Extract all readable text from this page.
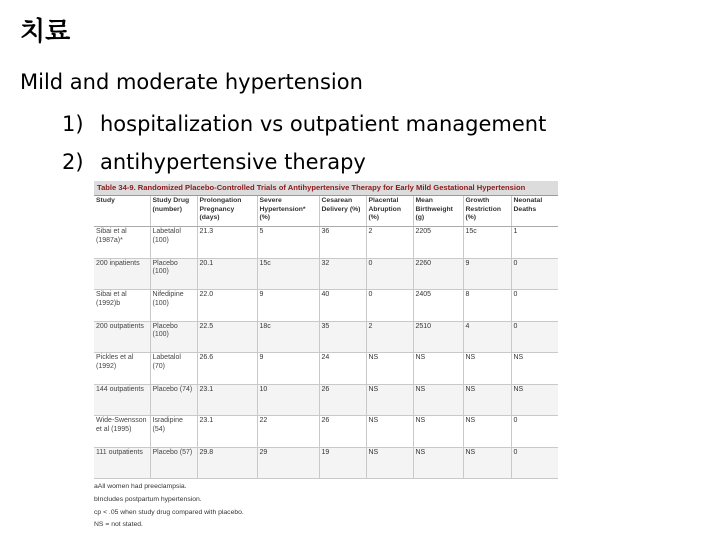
치료
Mild and moderate hypertension
1) hospitalization vs outpatient management
2) antihypertensive therapy
Table 34-9. Randomized Placebo-Controlled Trials of Antihypertensive Therapy for Early Mild Gestational Hypertension
Study	Study Drug (number)	Prolongation Pregnancy (days)	Severe Hypertension* (%)	Cesarean Delivery (%)	Placental Abruption (%)	Mean Birthweight (g)	Growth Restriction (%)	Neonatal Deaths
Sibai et al (1987a)*	Labetalol (100)	21.3	5	36	2	2205	15c	1
200 inpatients	Placebo (100)	20.1	15c	32	0	2260	9	0
Sibai et al (1992)b	Nifedipine (100)	22.0	9	40	0	2405	8	0
200 outpatients	Placebo (100)	22.5	18c	35	2	2510	4	0
Pickles et al (1992)	Labetalol (70)	26.6	9	24	NS	NS	NS	NS
144 outpatients	Placebo (74)	23.1	10	26	NS	NS	NS	NS
Wide-Swensson et al (1995)	Isradipine (54)	23.1	22	26	NS	NS	NS	0
111 outpatients	Placebo (57)	29.8	29	19	NS	NS	NS	0
aAll women had preeclampsia.
bIncludes postpartum hypertension.
cp < .05 when study drug compared with placebo.
NS = not stated.
